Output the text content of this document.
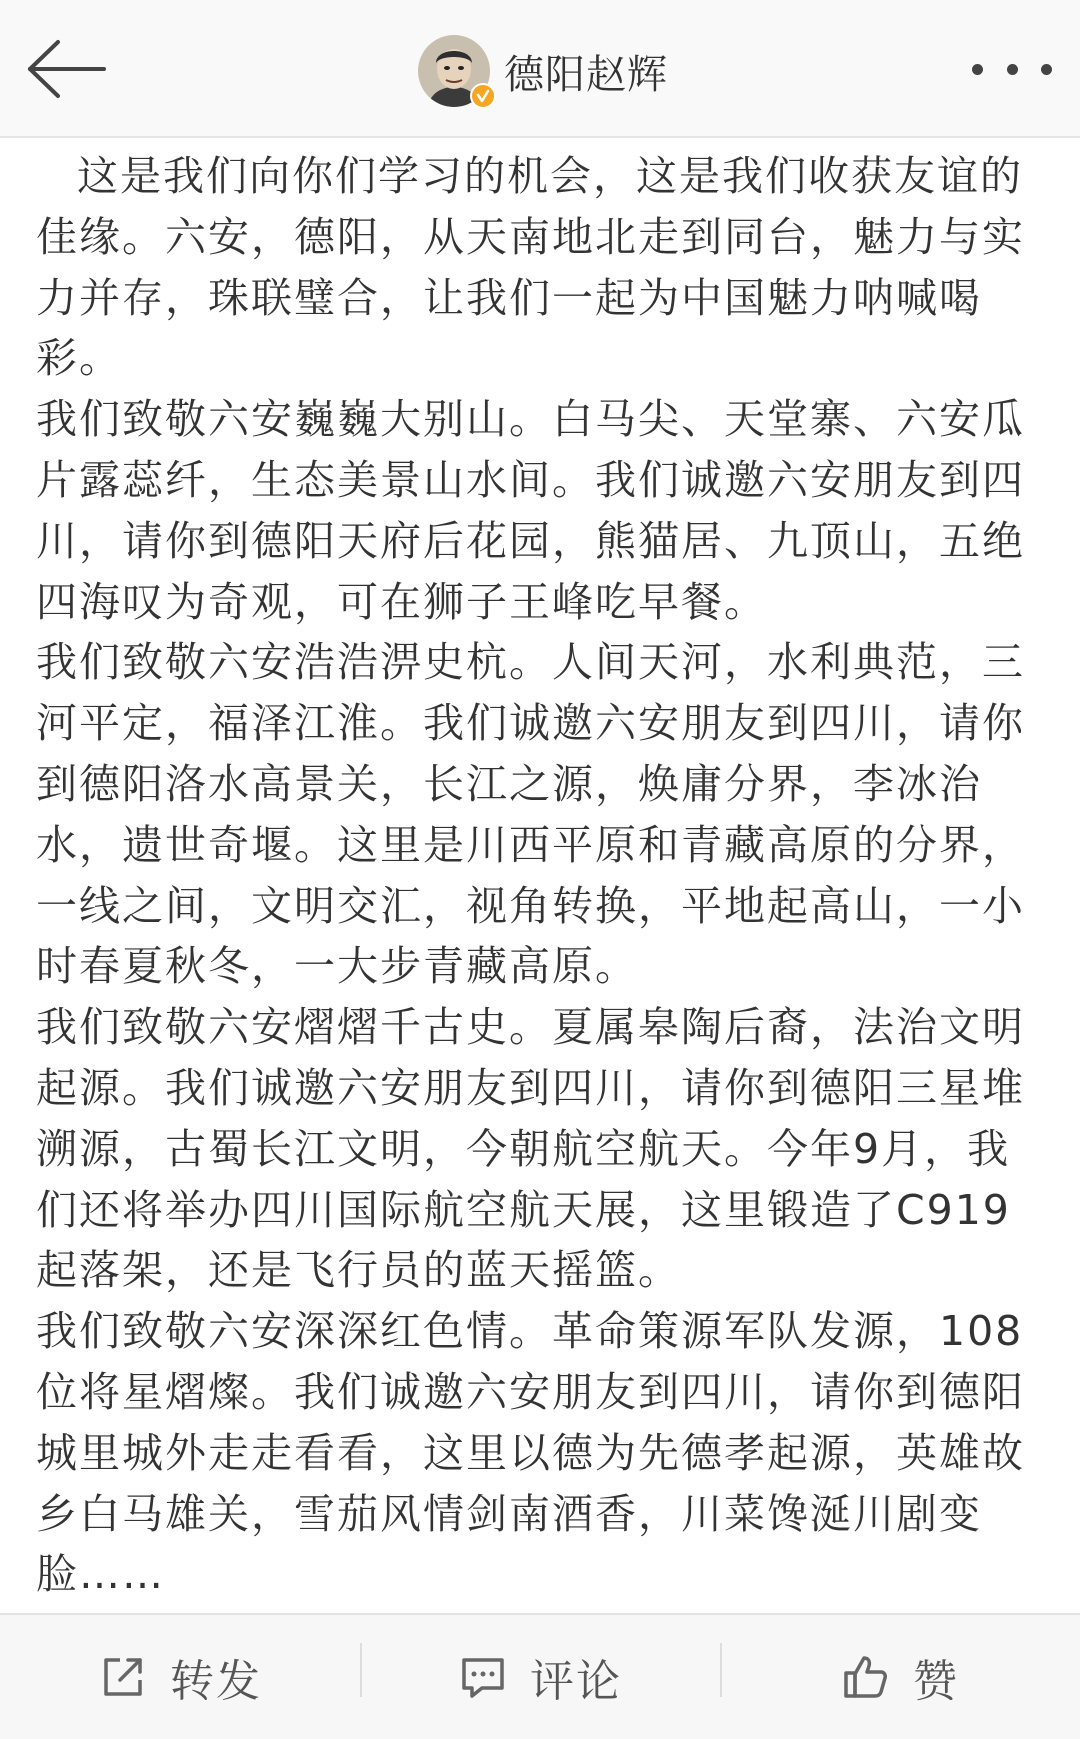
德阳赵辉

这是我们向你们学习的机会，这是我们收获友谊的佳缘。六安，德阳，从天南地北走到同台，魅力与实力并存，珠联璧合，让我们一起为中国魅力呐喊喝彩。

我们致敬六安巍巍大别山。白马尖、天堂寨、六安瓜片露蕊纤，生态美景山水间。我们诚邀六安朋友到四川，请你到德阳天府后花园，熊猫居、九顶山，五绝四海叹为奇观，可在狮子王峰吃早餐。

我们致敬六安浩浩淠史杭。人间天河，水利典范，三河平定，福泽江淮。我们诚邀六安朋友到四川，请你到德阳洛水高景关，长江之源，焕庸分界，李冰治水，遗世奇堰。这里是川西平原和青藏高原的分界，一线之间，文明交汇，视角转换，平地起高山，一小时春夏秋冬，一大步青藏高原。

我们致敬六安熠熠千古史。夏属皋陶后裔，法治文明起源。我们诚邀六安朋友到四川，请你到德阳三星堆溯源，古蜀长江文明，今朝航空航天。今年9月，我们还将举办四川国际航空航天展，这里锻造了C919起落架，还是飞行员的蓝天摇篮。

我们致敬六安深深红色情。革命策源军队发源，108位将星熠燦。我们诚邀六安朋友到四川，请你到德阳城里城外走走看看，这里以德为先德孝起源，英雄故乡白马雄关，雪茄风情剑南酒香，川菜馋涎川剧变脸……

转发	评论	赞
